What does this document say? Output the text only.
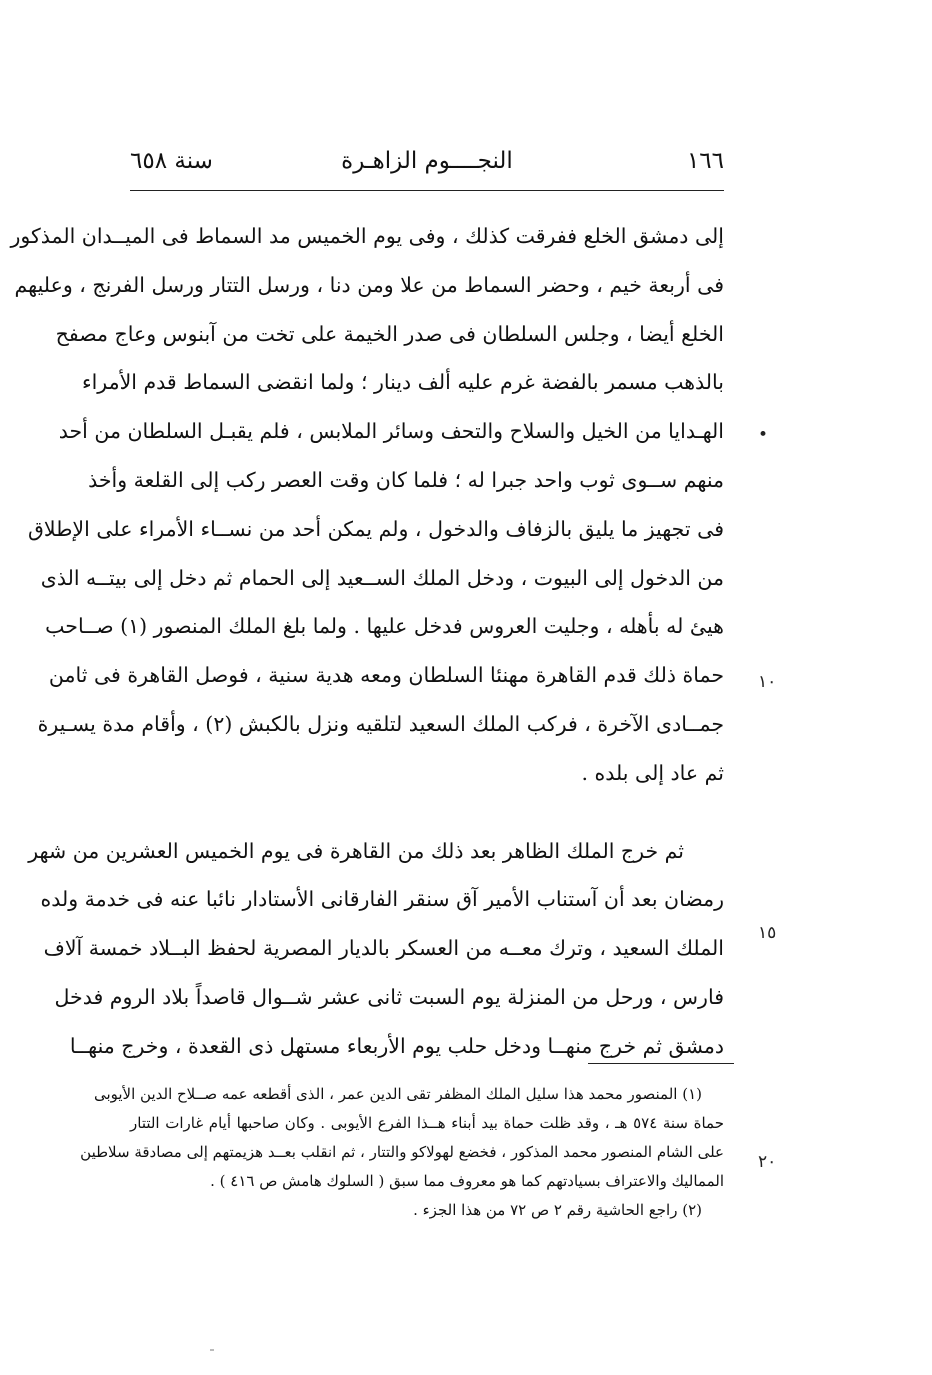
١٦٦
النجــــوم الزاهـرة
سنة ٦٥٨
إلى دمشق الخلع ففرقت كذلك ، وفى يوم الخميس مد السماط فى الميــدان المذكور
فى أربعة خيم ، وحضر السماط من علا ومن دنا ، ورسل التتار ورسل الفرنج ، وعليهم
الخلع أيضا ، وجلس السلطان فى صدر الخيمة على تخت من آبنوس وعاج مصفح
بالذهب مسمر بالفضة غرم عليه ألف دينار ؛ ولما انقضى السماط قدم الأمراء
الهـدايا من الخيل والسلاح والتحف وسائر الملابس ، فلم يقبـل السلطان من أحد
منهم ســوى ثوب واحد جبرا له ؛ فلما كان وقت العصر ركب إلى القلعة وأخذ
فى تجهيز ما يليق بالزفاف والدخول ، ولم يمكن أحد من نســاء الأمراء على الإطلاق
من الدخول إلى البيوت ، ودخل الملك الســعيد إلى الحمام ثم دخل إلى بيتــه الذى
هيئ له بأهله ، وجليت العروس فدخل عليها . ولما بلغ الملك المنصور (١) صــاحب
حماة ذلك قدم القاهرة مهنئا السلطان ومعه هدية سنية ، فوصل القاهرة فى ثامن
جمــادى الآخرة ، فركب الملك السعيد لتلقيه ونزل بالكبش (٢) ، وأقام مدة يسـيرة
ثم عاد إلى بلده .
ثم خرج الملك الظاهر بعد ذلك من القاهرة فى يوم الخميس العشرين من شهر
رمضان بعد أن آستناب الأمير آق سنقر الفارقانى الأستادار نائبا عنه فى خدمة ولده
الملك السعيد ، وترك معــه من العسكر بالديار المصرية لحفظ البــلاد خمسة آلاف
فارس ، ورحل من المنزلة يوم السبت ثانى عشر شــوال قاصداً بلاد الروم فدخل
دمشق ثم خرج منهــا ودخل حلب يوم الأربعاء مستهل ذى القعدة ، وخرج منهــا
•
١٠
١٥
٢٠
(١) المنصور محمد هذا سليل الملك المظفر تقى الدين عمر ، الذى أقطعه عمه صــلاح الدين الأيوبى
حماة سنة ٥٧٤ هـ ، وقد ظلت حماة بيد أبناء هــذا الفرع الأيوبى . وكان صاحبها أيام غارات التتار
على الشام المنصور محمد المذكور ، فخضع لهولاكو والتتار ، ثم انقلب بعــد هزيمتهم إلى مصادقة سلاطين
المماليك والاعتراف بسيادتهم كما هو معروف مما سبق ( السلوك هامش ص ٤١٦ ) .
(٢) راجع الحاشية رقم ٢ ص ٧٢ من هذا الجزء .
